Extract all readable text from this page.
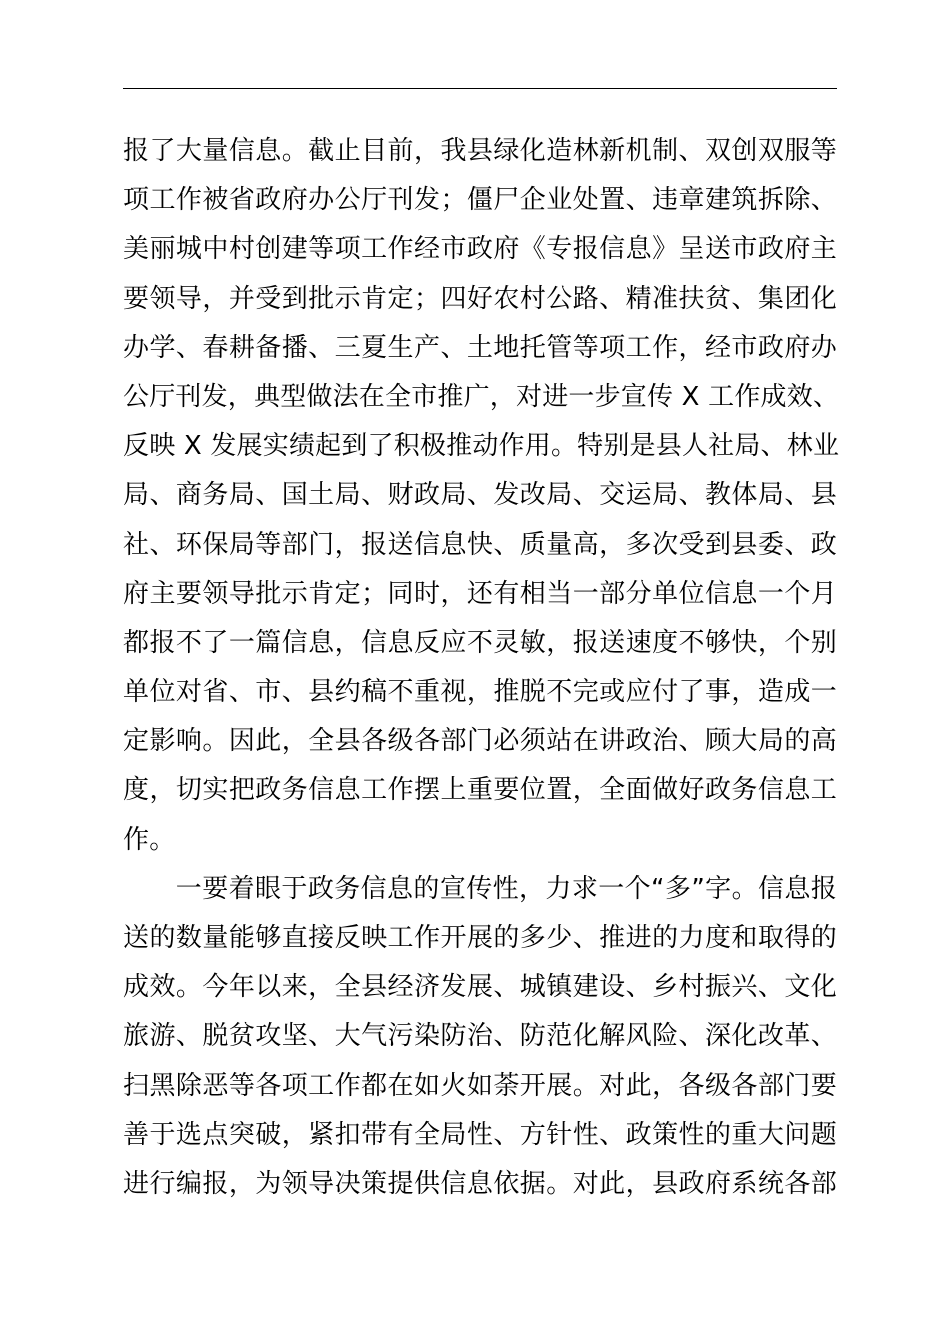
报了大量信息。截止目前，我县绿化造林新机制、双创双服等
项工作被省政府办公厅刊发；僵尸企业处置、违章建筑拆除、
美丽城中村创建等项工作经市政府《专报信息》呈送市政府主
要领导，并受到批示肯定；四好农村公路、精准扶贫、集团化
办学、春耕备播、三夏生产、土地托管等项工作，经市政府办
公厅刊发，典型做法在全市推广，对进一步宣传 X 工作成效、
反映 X 发展实绩起到了积极推动作用。特别是县人社局、林业
局、商务局、国土局、财政局、发改局、交运局、教体局、县
社、环保局等部门，报送信息快、质量高，多次受到县委、政
府主要领导批示肯定；同时，还有相当一部分单位信息一个月
都报不了一篇信息，信息反应不灵敏，报送速度不够快，个别
单位对省、市、县约稿不重视，推脱不完或应付了事，造成一
定影响。因此，全县各级各部门必须站在讲政治、顾大局的高
度，切实把政务信息工作摆上重要位置，全面做好政务信息工
作。
　　一要着眼于政务信息的宣传性，力求一个“多”字。信息报
送的数量能够直接反映工作开展的多少、推进的力度和取得的
成效。今年以来，全县经济发展、城镇建设、乡村振兴、文化
旅游、脱贫攻坚、大气污染防治、防范化解风险、深化改革、
扫黑除恶等各项工作都在如火如荼开展。对此，各级各部门要
善于选点突破，紧扣带有全局性、方针性、政策性的重大问题
进行编报，为领导决策提供信息依据。对此，县政府系统各部
